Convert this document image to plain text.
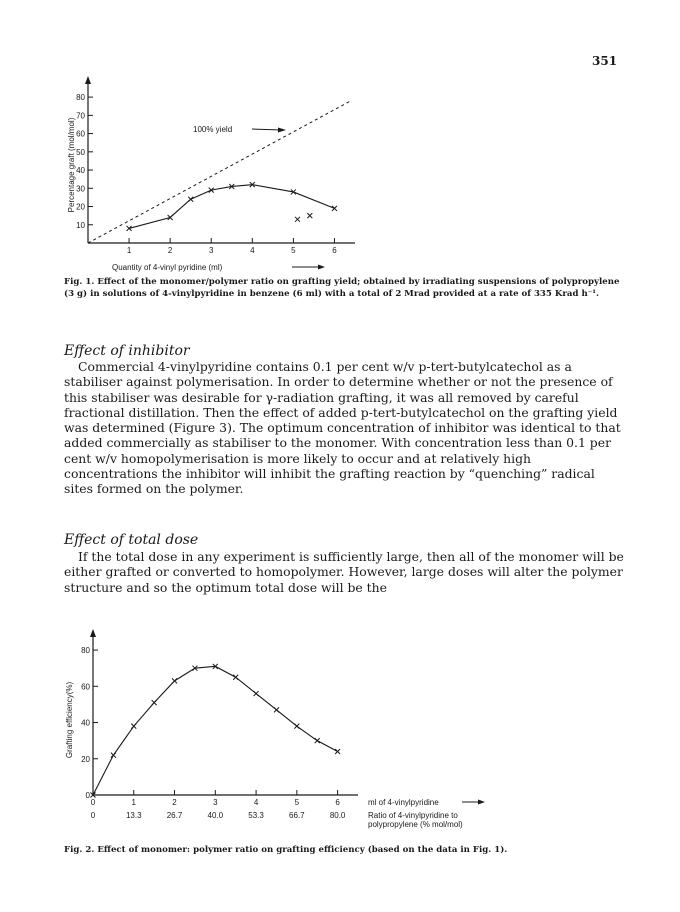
351
10
20
30
40
50
60
70
80
1	2	3	4	5	6
Percentage graft (mol/mol)
Quantity of 4-vinyl pyridine (ml)
100% yield
Fig. 1. Effect of the monomer/polymer ratio on grafting yield; obtained by irradiating suspensions of polypropylene (3 g) in solutions of 4-vinylpyridine in benzene (6 ml) with a total of 2 Mrad provided at a rate of 335 Krad h⁻¹.
Effect of inhibitor
Commercial 4-vinylpyridine contains 0.1 per cent w/v p-tert-butylcatechol as a stabiliser against polymerisation. In order to determine whether or not the presence of this stabiliser was desirable for γ-radiation grafting, it was all removed by careful fractional distillation. Then the effect of added p-tert-butylcatechol on the grafting yield was determined (Figure 3). The optimum concentration of inhibitor was identical to that added commercially as stabiliser to the monomer. With concentration less than 0.1 per cent w/v homopolymerisation is more likely to occur and at relatively high concentrations the inhibitor will inhibit the grafting reaction by “quenching” radical sites formed on the polymer.
Effect of total dose
If the total dose in any experiment is sufficiently large, then all of the monomer will be either grafted or converted to homopolymer. However, large doses will alter the polymer structure and so the optimum total dose will be the
0
20
40
60
80
0	1	2	3	4	5	6
Grafting efficiency(%)
ml of 4-vinylpyridine
0	13.3	26.7	40.0	53.3	66.7	80.0	Ratio of 4-vinylpyridine to polypropylene (% mol/mol)
Fig. 2. Effect of monomer: polymer ratio on grafting efficiency (based on the data in Fig. 1).
